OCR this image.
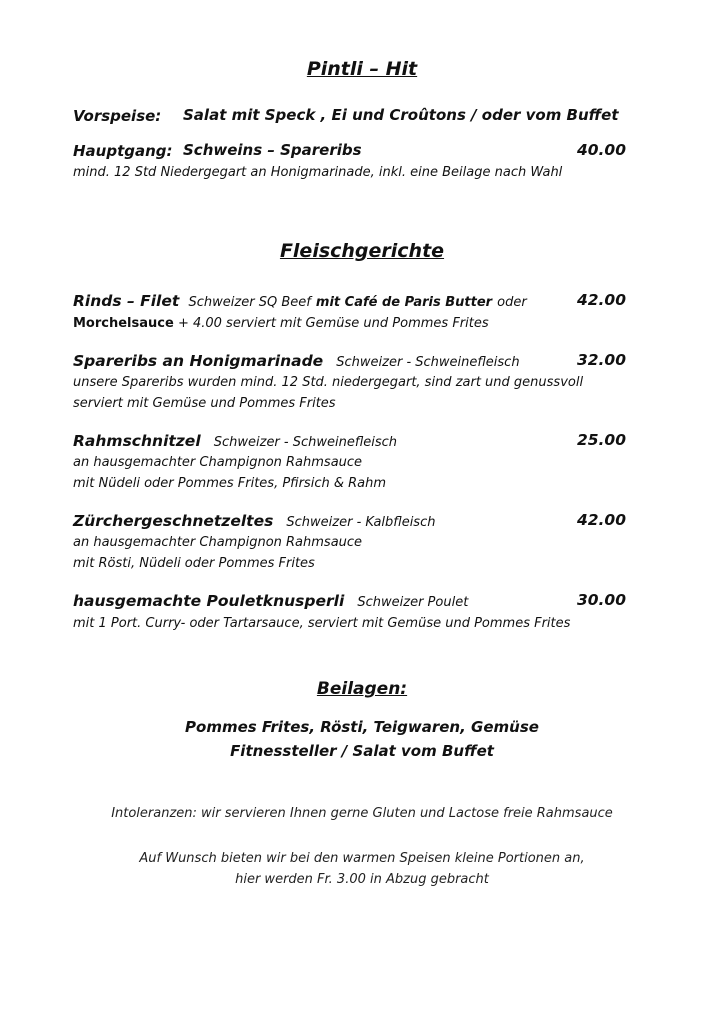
Pintli – Hit
Vorspeise: Salat mit Speck , Ei und Croûtons / oder vom Buffet
Hauptgang: Schweins – Spareribs	40.00
mind. 12 Std Niedergegart an Honigmarinade, inkl. eine Beilage nach Wahl
Fleischgerichte
Rinds – Filet Schweizer SQ Beef mit Café de Paris Butter oder	42.00
Morchelsauce + 4.00 serviert mit Gemüse und Pommes Frites
Spareribs an Honigmarinade Schweizer - Schweinefleisch	32.00
unsere Spareribs wurden mind. 12 Std. niedergegart, sind zart und genussvoll
serviert mit Gemüse und Pommes Frites
Rahmschnitzel Schweizer - Schweinefleisch	25.00
an hausgemachter Champignon Rahmsauce
mit Nüdeli oder Pommes Frites, Pfirsich & Rahm
Zürchergeschnetzeltes Schweizer - Kalbfleisch	42.00
an hausgemachter Champignon Rahmsauce
mit Rösti, Nüdeli oder Pommes Frites
hausgemachte Pouletknusperli Schweizer Poulet	30.00
mit 1 Port. Curry- oder Tartarsauce, serviert mit Gemüse und Pommes Frites
Beilagen:
Pommes Frites, Rösti, Teigwaren, Gemüse
Fitnessteller / Salat vom Buffet
Intoleranzen: wir servieren Ihnen gerne Gluten und Lactose freie Rahmsauce
Auf Wunsch bieten wir bei den warmen Speisen kleine Portionen an,
hier werden Fr. 3.00 in Abzug gebracht
